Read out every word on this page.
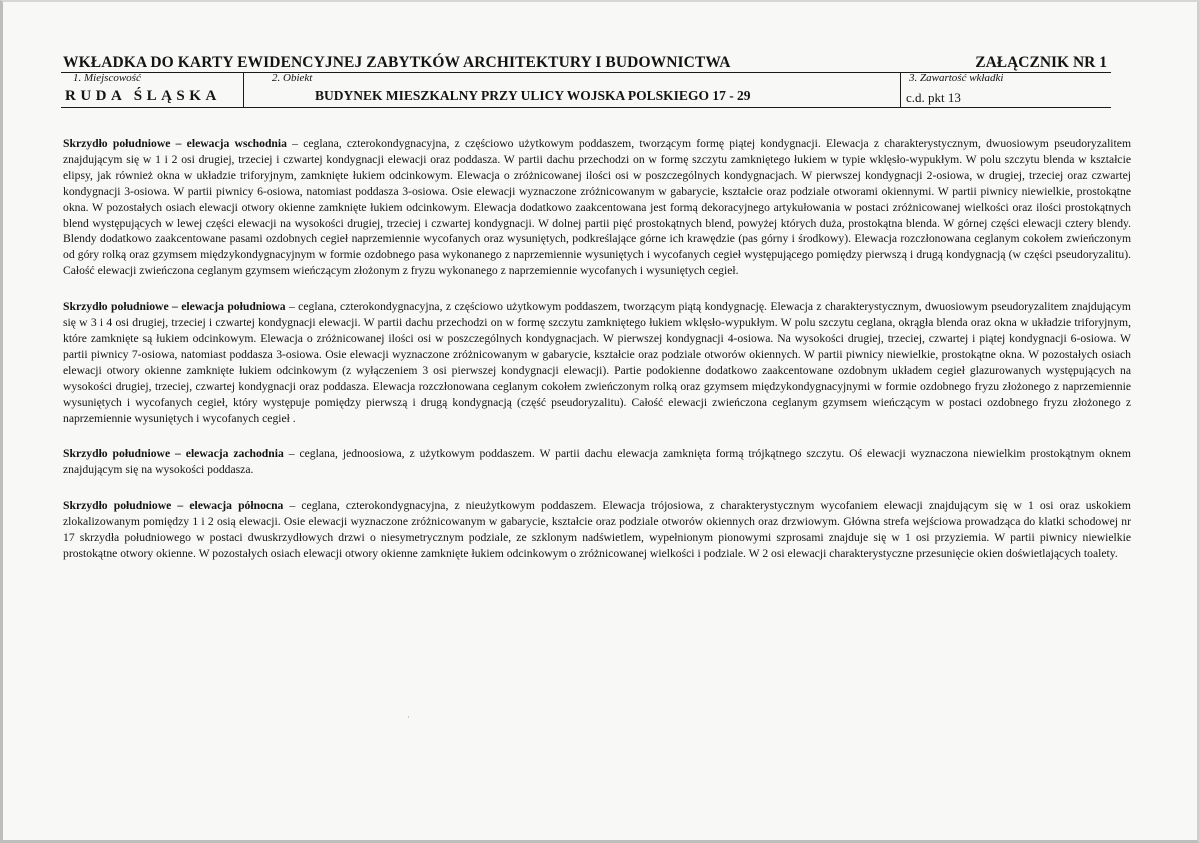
WKŁADKA DO KARTY EWIDENCYJNEJ ZABYTKÓW ARCHITEKTURY I BUDOWNICTWA	ZAŁĄCZNIK NR 1
1. Miejscowość	2. Obiekt	3. Zawartość wkładki
RUDA ŚLĄSKA	BUDYNEK MIESZKALNY PRZY ULICY WOJSKA POLSKIEGO 17 - 29	c.d. pkt 13

Skrzydło południowe – elewacja wschodnia – ceglana, czterokondygnacyjna, z częściowo użytkowym poddaszem, tworzącym formę piątej kondygnacji. Elewacja z charakterystycznym, dwuosiowym pseudoryzalitem znajdującym się w 1 i 2 osi drugiej, trzeciej i czwartej kondygnacji elewacji oraz poddasza. W partii dachu przechodzi on w formę szczytu zamkniętego łukiem w typie wklęsło-wypukłym. W polu szczytu blenda w kształcie elipsy, jak również okna w układzie triforyjnym, zamknięte łukiem odcinkowym. Elewacja o zróżnicowanej ilości osi w poszczególnych kondygnacjach. W pierwszej kondygnacji 2-osiowa, w drugiej, trzeciej oraz czwartej kondygnacji 3-osiowa. W partii piwnicy 6-osiowa, natomiast poddasza 3-osiowa. Osie elewacji wyznaczone zróżnicowanym w gabarycie, kształcie oraz podziale otworami okiennymi. W partii piwnicy niewielkie, prostokątne okna. W pozostałych osiach elewacji otwory okienne zamknięte łukiem odcinkowym. Elewacja dodatkowo zaakcentowana jest formą dekoracyjnego artykułowania w postaci zróżnicowanej wielkości oraz ilości prostokątnych blend występujących w lewej części elewacji na wysokości drugiej, trzeciej i czwartej kondygnacji. W dolnej partii pięć prostokątnych blend, powyżej których duża, prostokątna blenda. W górnej części elewacji cztery blendy. Blendy dodatkowo zaakcentowane pasami ozdobnych cegieł naprzemiennie wycofanych oraz wysuniętych, podkreślające górne ich krawędzie (pas górny i środkowy). Elewacja rozczłonowana ceglanym cokołem zwieńczonym od góry rolką oraz gzymsem międzykondygnacyjnym w formie ozdobnego pasa wykonanego z naprzemiennie wysuniętych i wycofanych cegieł występującego pomiędzy pierwszą i drugą kondygnacją (w części pseudoryzalitu). Całość elewacji zwieńczona ceglanym gzymsem wieńczącym złożonym z fryzu wykonanego z naprzemiennie wycofanych i wysuniętych cegieł.

Skrzydło południowe – elewacja południowa – ceglana, czterokondygnacyjna, z częściowo użytkowym poddaszem, tworzącym piątą kondygnację. Elewacja z charakterystycznym, dwuosiowym pseudoryzalitem znajdującym się w 3 i 4 osi drugiej, trzeciej i czwartej kondygnacji elewacji. W partii dachu przechodzi on w formę szczytu zamkniętego łukiem wklęsło-wypukłym. W polu szczytu ceglana, okrągła blenda oraz okna w układzie triforyjnym, które zamknięte są łukiem odcinkowym. Elewacja o zróżnicowanej ilości osi w poszczególnych kondygnacjach. W pierwszej kondygnacji 4-osiowa. Na wysokości drugiej, trzeciej, czwartej i piątej kondygnacji 6-osiowa. W partii piwnicy 7-osiowa, natomiast poddasza 3-osiowa. Osie elewacji wyznaczone zróżnicowanym w gabarycie, kształcie oraz podziale otworów okiennych. W partii piwnicy niewielkie, prostokątne okna. W pozostałych osiach elewacji otwory okienne zamknięte łukiem odcinkowym (z wyłączeniem 3 osi pierwszej kondygnacji elewacji). Partie podokienne dodatkowo zaakcentowane ozdobnym układem cegieł glazurowanych występujących na wysokości drugiej, trzeciej, czwartej kondygnacji oraz poddasza. Elewacja rozczłonowana ceglanym cokołem zwieńczonym rolką oraz gzymsem międzykondygnacyjnymi w formie ozdobnego fryzu złożonego z naprzemiennie wysuniętych i wycofanych cegieł, który występuje pomiędzy pierwszą i drugą kondygnacją (część pseudoryzalitu). Całość elewacji zwieńczona ceglanym gzymsem wieńczącym w postaci ozdobnego fryzu złożonego z naprzemiennie wysuniętych i wycofanych cegieł .

Skrzydło południowe – elewacja zachodnia – ceglana, jednoosiowa, z użytkowym poddaszem. W partii dachu elewacja zamknięta formą trójkątnego szczytu. Oś elewacji wyznaczona niewielkim prostokątnym oknem znajdującym się na wysokości poddasza.

Skrzydło południowe – elewacja północna – ceglana, czterokondygnacyjna, z nieużytkowym poddaszem. Elewacja trójosiowa, z charakterystycznym wycofaniem elewacji znajdującym się w 1 osi oraz uskokiem zlokalizowanym pomiędzy 1 i 2 osią elewacji. Osie elewacji wyznaczone zróżnicowanym w gabarycie, kształcie oraz podziale otworów okiennych oraz drzwiowym. Główna strefa wejściowa prowadząca do klatki schodowej nr 17 skrzydła południowego w postaci dwuskrzydłowych drzwi o niesymetrycznym podziale, ze szklonym nadświetlem, wypełnionym pionowymi szprosami znajduje się w 1 osi przyziemia. W partii piwnicy niewielkie prostokątne otwory okienne. W pozostałych osiach elewacji otwory okienne zamknięte łukiem odcinkowym o zróżnicowanej wielkości i podziale. W 2 osi elewacji charakterystyczne przesunięcie okien doświetlających toalety.

·
